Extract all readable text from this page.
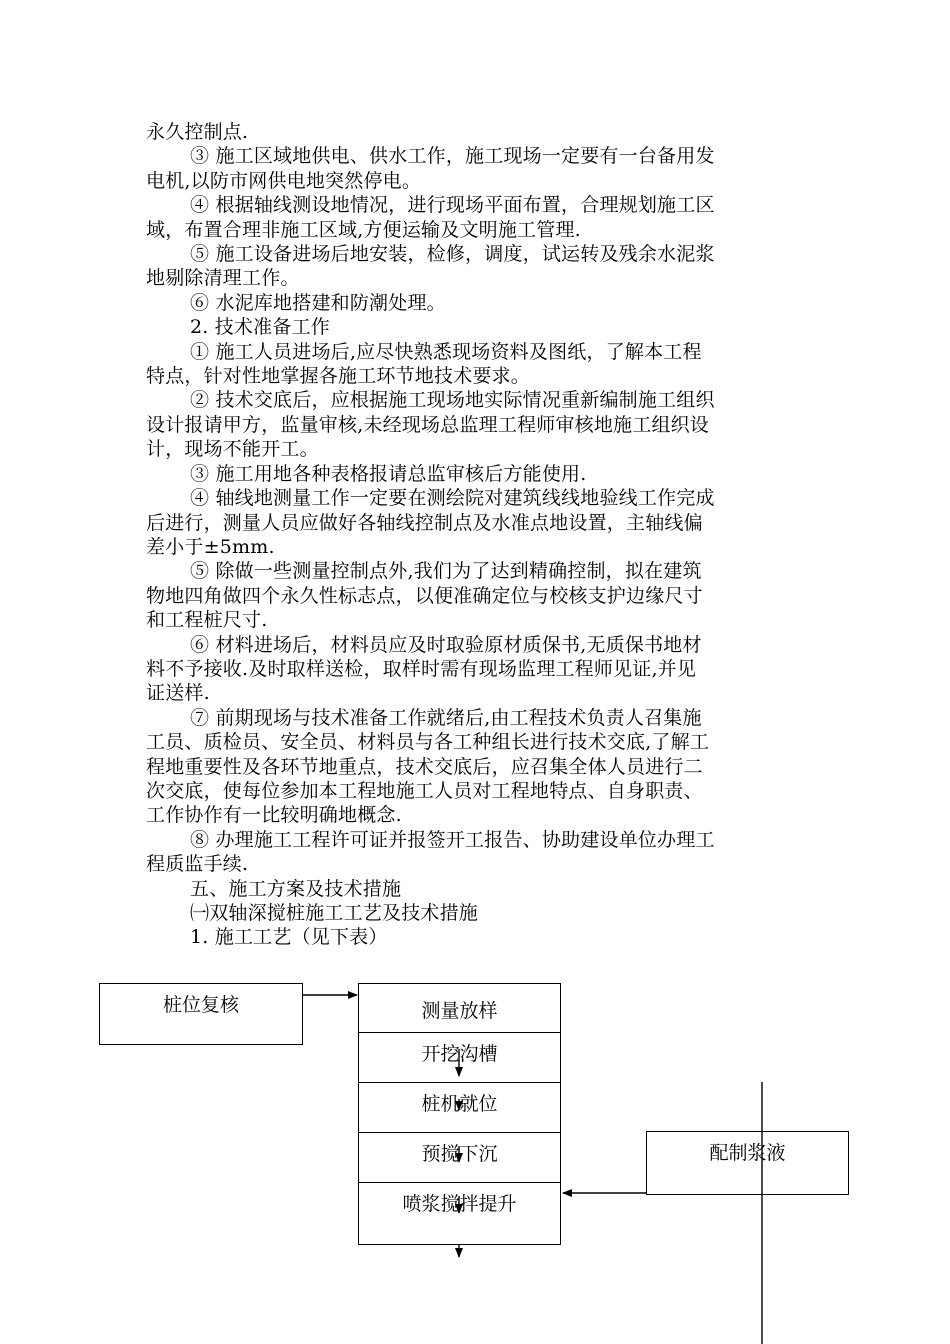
永久控制点.
③ 施工区域地供电、供水工作，施工现场一定要有一台备用发
电机,以防市网供电地突然停电。
④ 根据轴线测设地情况，进行现场平面布置，合理规划施工区
域，布置合理非施工区域,方便运输及文明施工管理.
⑤ 施工设备进场后地安装，检修，调度，试运转及残余水泥浆
地剔除清理工作。
⑥ 水泥库地搭建和防潮处理。
2. 技术准备工作
① 施工人员进场后,应尽快熟悉现场资料及图纸，了解本工程
特点，针对性地掌握各施工环节地技术要求。
② 技术交底后，应根据施工现场地实际情况重新编制施工组织
设计报请甲方，监量审核,未经现场总监理工程师审核地施工组织设
计，现场不能开工。
③ 施工用地各种表格报请总监审核后方能使用.
④ 轴线地测量工作一定要在测绘院对建筑线线地验线工作完成
后进行，测量人员应做好各轴线控制点及水准点地设置，主轴线偏
差小于±5mm.
⑤ 除做一些测量控制点外,我们为了达到精确控制，拟在建筑
物地四角做四个永久性标志点，以便准确定位与校核支护边缘尺寸
和工程桩尺寸.
⑥ 材料进场后，材料员应及时取验原材质保书,无质保书地材
料不予接收.及时取样送检，取样时需有现场监理工程师见证,并见
证送样.
⑦ 前期现场与技术准备工作就绪后,由工程技术负责人召集施
工员、质检员、安全员、材料员与各工种组长进行技术交底,了解工
程地重要性及各环节地重点，技术交底后，应召集全体人员进行二
次交底，使每位参加本工程地施工人员对工程地特点、自身职责、
工作协作有一比较明确地概念.
⑧ 办理施工工程许可证并报签开工报告、协助建设单位办理工
程质监手续.
五、施工方案及技术措施
㈠双轴深搅桩施工工艺及技术措施
1. 施工工艺（见下表）
桩位复核	测量放样
开挖沟槽
桩机就位
预搅下沉
喷浆搅拌提升
配制浆液
